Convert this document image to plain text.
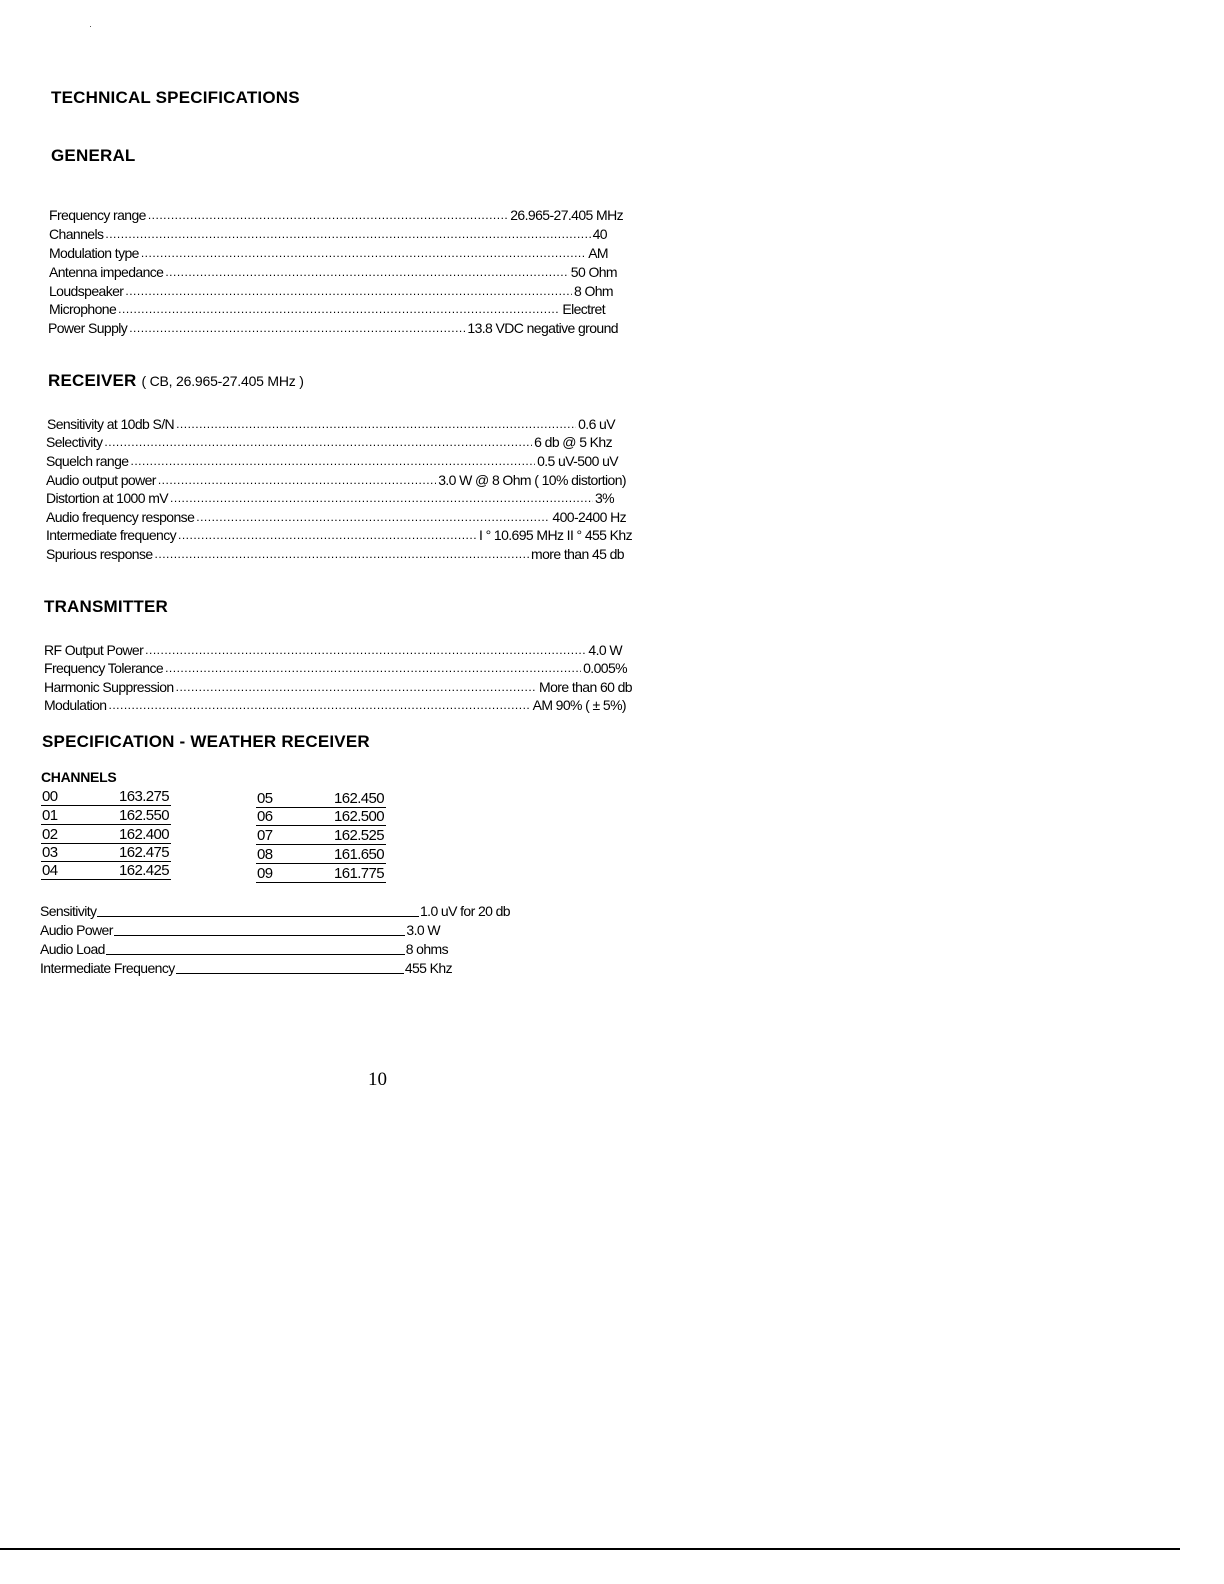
TECHNICAL SPECIFICATIONS
GENERAL
Frequency range .....	26.965-27.405 MHz
Channels .....	40
Modulation type .....	AM
Antenna impedance .....	50 Ohm
Loudspeaker .....	8 Ohm
Microphone .....	Electret
Power Supply .....	13.8 VDC negative ground
RECEIVER ( CB, 26.965-27.405 MHz )
Sensitivity at 10db S/N .....	0.6 uV
Selectivity .....	6 db @ 5 Khz
Squelch range .....	0.5 uV-500 uV
Audio output power .....	3.0 W @ 8 Ohm ( 10% distortion)
Distortion at 1000 mV .....	3%
Audio frequency response .....	400-2400 Hz
Intermediate frequency .....	I ° 10.695 MHz II ° 455 Khz
Spurious response .....	more than 45 db
TRANSMITTER
RF Output Power .....	4.0 W
Frequency Tolerance .....	0.005%
Harmonic Suppression .....	More than 60 db
Modulation .....	AM 90% ( ± 5%)
SPECIFICATION - WEATHER RECEIVER
CHANNELS
00	163.275
01	162.550
02	162.400
03	162.475
04	162.425
05	162.450
06	162.500
07	162.525
08	161.650
09	161.775
Sensitivity	1.0 uV for 20 db
Audio Power	3.0 W
Audio Load	8 ohms
Intermediate Frequency	455 Khz
10
